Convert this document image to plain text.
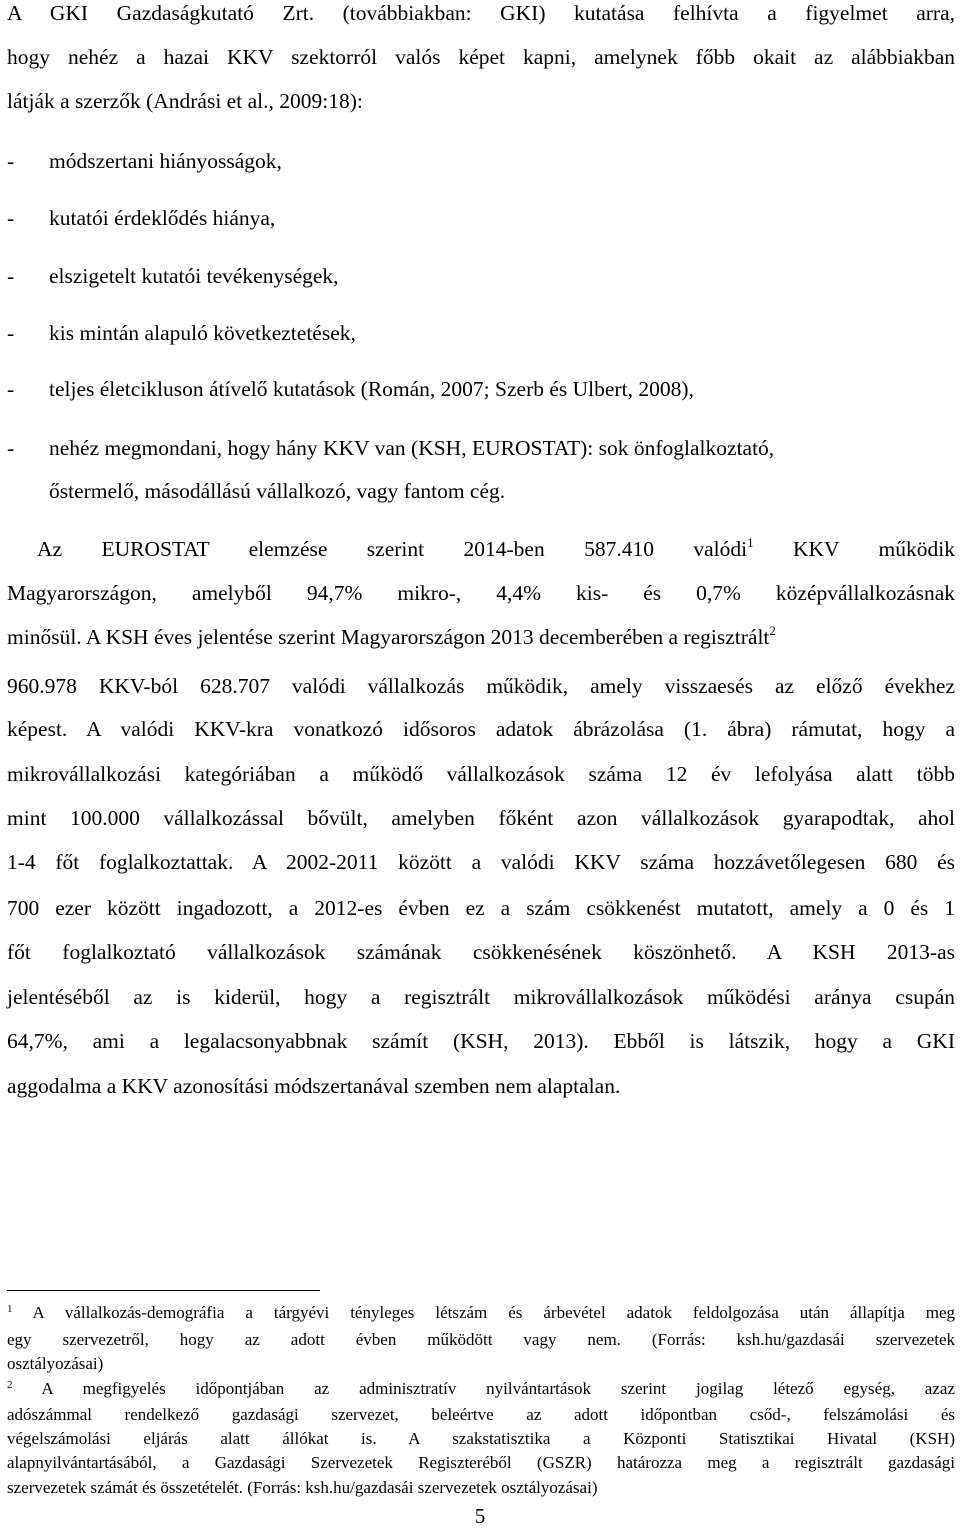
A GKI Gazdaságkutató Zrt. (továbbiakban: GKI) kutatása felhívta a figyelmet arra,
hogy nehéz a hazai KKV szektorról valós képet kapni, amelynek főbb okait az alábbiakban
látják a szerzők (Andrási et al., 2009:18):
- módszertani hiányosságok,
- kutatói érdeklődés hiánya,
- elszigetelt kutatói tevékenységek,
- kis mintán alapuló következtetések,
- teljes életcikluson átívelő kutatások (Román, 2007; Szerb és Ulbert, 2008),
- nehéz megmondani, hogy hány KKV van (KSH, EUROSTAT): sok önfoglalkoztató,
őstermelő, másodállású vállalkozó, vagy fantom cég.
Az EUROSTAT elemzése szerint 2014-ben 587.410 valódi$^1$ KKV működik
Magyarországon, amelyből 94,7% mikro-, 4,4% kis- és 0,7% középvállalkozásnak
minősül. A KSH éves jelentése szerint Magyarországon 2013 decemberében a regisztrált$^2$
960.978 KKV-ból 628.707 valódi vállalkozás működik, amely visszaesés az előző évekhez
képest. A valódi KKV-kra vonatkozó idősoros adatok ábrázolása (1. ábra) rámutat, hogy a
mikrovállalkozási kategóriában a működő vállalkozások száma 12 év lefolyása alatt több
mint 100.000 vállalkozással bővült, amelyben főként azon vállalkozások gyarapodtak, ahol
1-4 főt foglalkoztattak. A 2002-2011 között a valódi KKV száma hozzávetőlegesen 680 és
700 ezer között ingadozott, a 2012-es évben ez a szám csökkenést mutatott, amely a 0 és 1
főt foglalkoztató vállalkozások számának csökkenésének köszönhető. A KSH 2013-as
jelentéséből az is kiderül, hogy a regisztrált mikrovállalkozások működési aránya csupán
64,7%, ami a legalacsonyabbnak számít (KSH, 2013). Ebből is látszik, hogy a GKI
aggodalma a KKV azonosítási módszertanával szemben nem alaptalan.
$^1$ A vállalkozás-demográfia a tárgyévi tényleges létszám és árbevétel adatok feldolgozása után állapítja meg
egy szervezetről, hogy az adott évben működött vagy nem. (Forrás: ksh.hu/gazdasái szervezetek
osztályozásai)
$^2$ A megfigyelés időpontjában az adminisztratív nyilvántartások szerint jogilag létező egység, azaz
adószámmal rendelkező gazdasági szervezet, beleértve az adott időpontban csőd-, felszámolási és
végelszámolási eljárás alatt állókat is. A szakstatisztika a Központi Statisztikai Hivatal (KSH)
alapnyilvántartásából, a Gazdasági Szervezetek Regiszteréből (GSZR) határozza meg a regisztrált gazdasági
szervezetek számát és összetételét. (Forrás: ksh.hu/gazdasái szervezetek osztályozásai)
5
